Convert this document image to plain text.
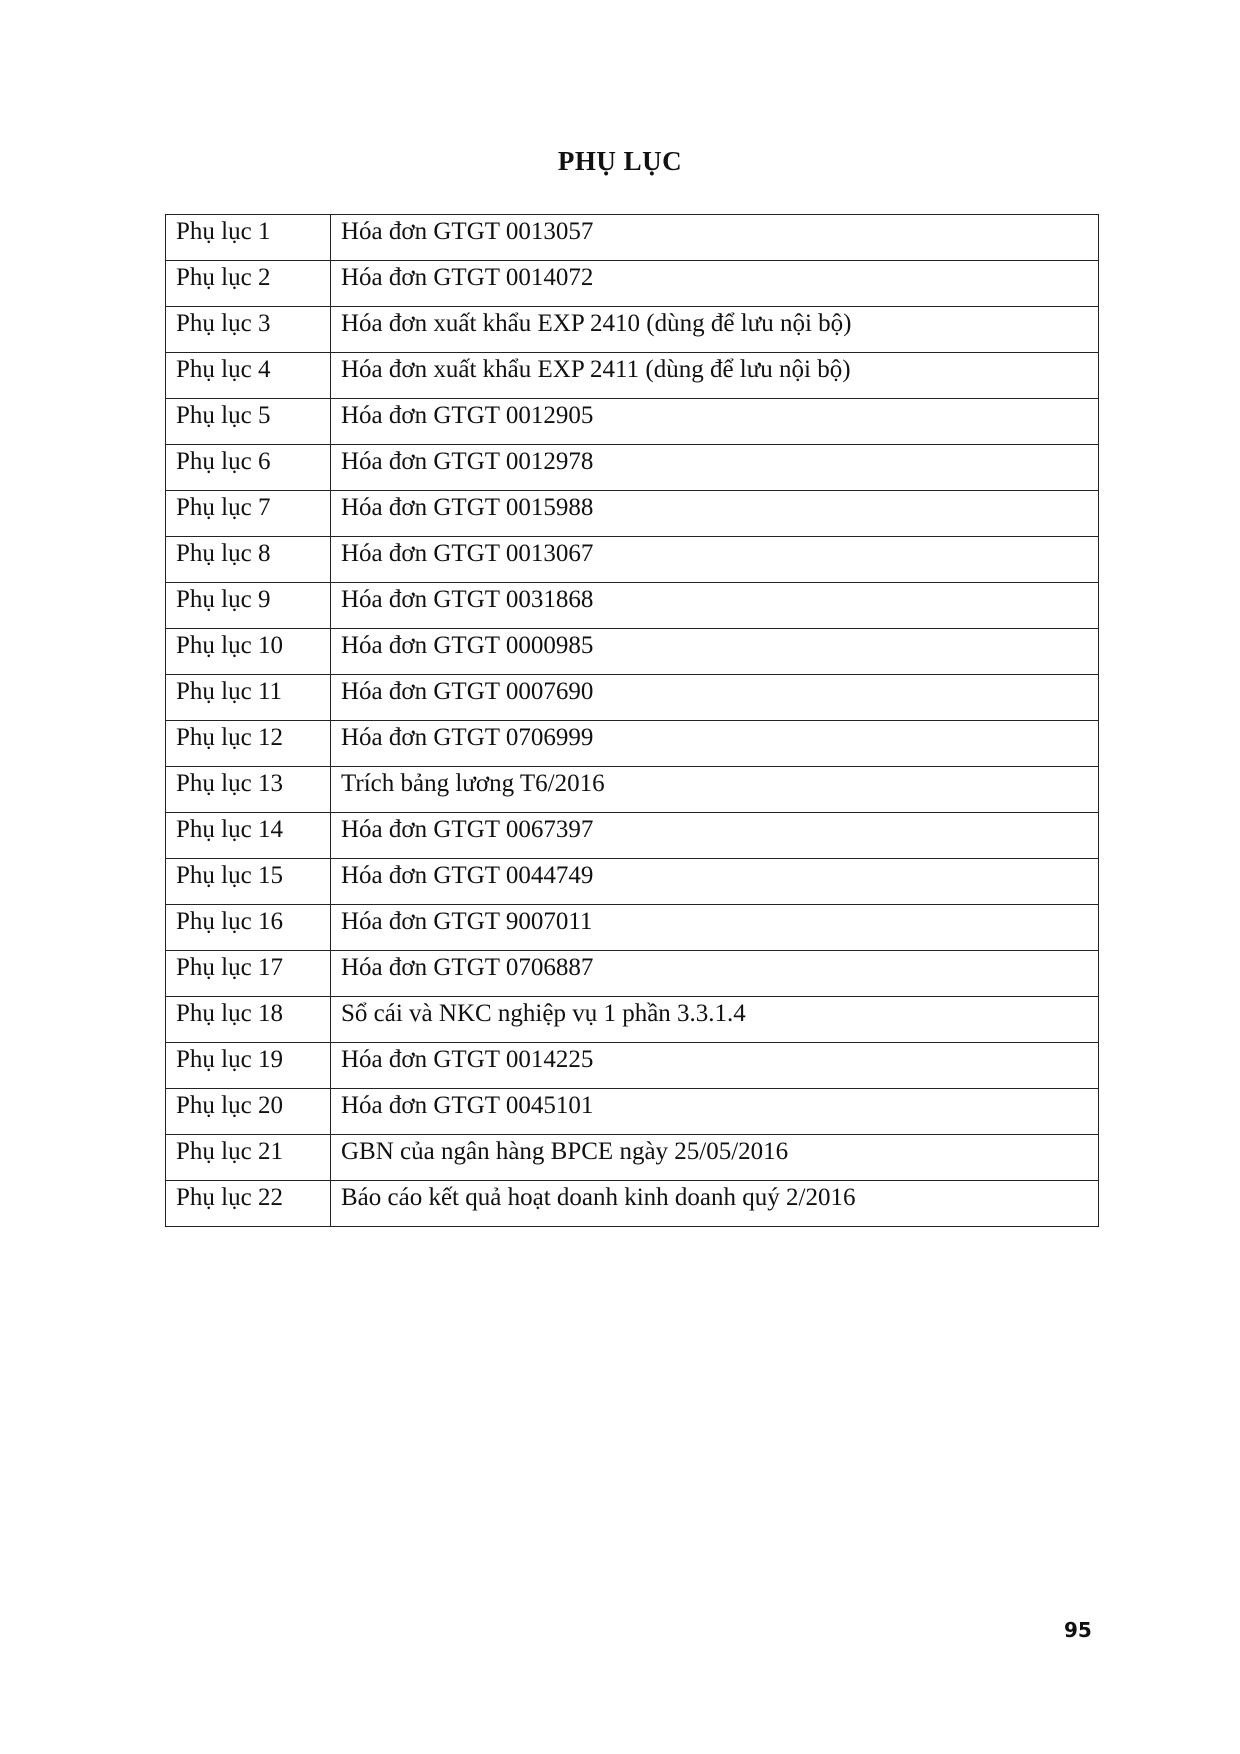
PHỤ LỤC
Phụ lục 1	Hóa đơn GTGT 0013057
Phụ lục 2	Hóa đơn GTGT 0014072
Phụ lục 3	Hóa đơn xuất khẩu EXP 2410 (dùng để lưu nội bộ)
Phụ lục 4	Hóa đơn xuất khẩu EXP 2411 (dùng để lưu nội bộ)
Phụ lục 5	Hóa đơn GTGT 0012905
Phụ lục 6	Hóa đơn GTGT 0012978
Phụ lục 7	Hóa đơn GTGT 0015988
Phụ lục 8	Hóa đơn GTGT 0013067
Phụ lục 9	Hóa đơn GTGT 0031868
Phụ lục 10	Hóa đơn GTGT 0000985
Phụ lục 11	Hóa đơn GTGT 0007690
Phụ lục 12	Hóa đơn GTGT 0706999
Phụ lục 13	Trích bảng lương T6/2016
Phụ lục 14	Hóa đơn GTGT 0067397
Phụ lục 15	Hóa đơn GTGT 0044749
Phụ lục 16	Hóa đơn GTGT 9007011
Phụ lục 17	Hóa đơn GTGT 0706887
Phụ lục 18	Sổ cái và NKC nghiệp vụ 1 phần 3.3.1.4
Phụ lục 19	Hóa đơn GTGT 0014225
Phụ lục 20	Hóa đơn GTGT 0045101
Phụ lục 21	GBN của ngân hàng BPCE ngày 25/05/2016
Phụ lục 22	Báo cáo kết quả hoạt doanh kinh doanh quý 2/2016
95
